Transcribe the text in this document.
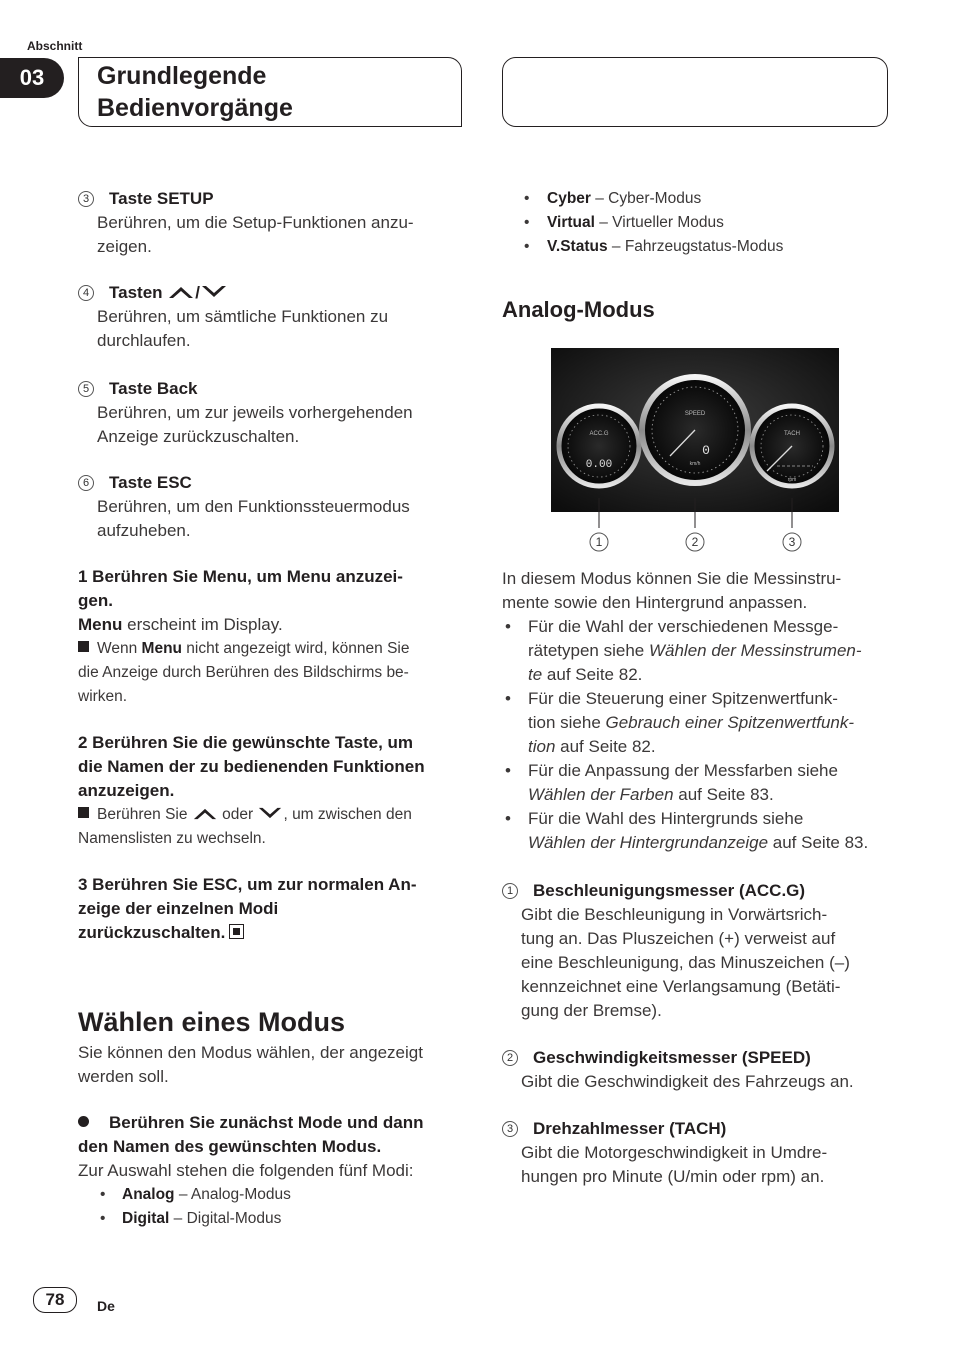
Abschnitt
03	Grundlegende
Bedienvorgänge
3 Taste SETUP
Berühren, um die Setup-Funktionen anzu-
zeigen.
4 Tasten /
Berühren, um sämtliche Funktionen zu
durchlaufen.
5 Taste Back
Berühren, um zur jeweils vorhergehenden
Anzeige zurückzuschalten.
6 Taste ESC
Berühren, um den Funktionssteuermodus
aufzuheben.
1 Berühren Sie Menu, um Menu anzuzei-
gen.
Menu erscheint im Display.
Wenn Menu nicht angezeigt wird, können Sie
die Anzeige durch Berühren des Bildschirms be-
wirken.
2 Berühren Sie die gewünschte Taste, um
die Namen der zu bedienenden Funktionen
anzuzeigen.
Berühren Sie oder , um zwischen den
Namenslisten zu wechseln.
3 Berühren Sie ESC, um zur normalen An-
zeige der einzelnen Modi
zurückzuschalten.
Wählen eines Modus
Sie können den Modus wählen, der angezeigt
werden soll.
Berühren Sie zunächst Mode und dann
den Namen des gewünschten Modus.
Zur Auswahl stehen die folgenden fünf Modi:
• Analog – Analog-Modus
• Digital – Digital-Modus
• Cyber – Cyber-Modus
• Virtual – Virtueller Modus
• V.Status – Fahrzeugstatus-Modus
Analog-Modus
ACC.G
0.00
TACH
rpm
SPEED
0
km/h
1	2	3
In diesem Modus können Sie die Messinstru-
mente sowie den Hintergrund anpassen.
• Für die Wahl der verschiedenen Messge-
rätetypen siehe Wählen der Messinstrumen-
te auf Seite 82.
• Für die Steuerung einer Spitzenwertfunk-
tion siehe Gebrauch einer Spitzenwertfunk-
tion auf Seite 82.
• Für die Anpassung der Messfarben siehe
Wählen der Farben auf Seite 83.
• Für die Wahl des Hintergrunds siehe
Wählen der Hintergrundanzeige auf Seite 83.
1 Beschleunigungsmesser (ACC.G)
Gibt die Beschleunigung in Vorwärtsrich-
tung an. Das Pluszeichen (+) verweist auf
eine Beschleunigung, das Minuszeichen (–)
kennzeichnet eine Verlangsamung (Betäti-
gung der Bremse).
2 Geschwindigkeitsmesser (SPEED)
Gibt die Geschwindigkeit des Fahrzeugs an.
3 Drehzahlmesser (TACH)
Gibt die Motorgeschwindigkeit in Umdre-
hungen pro Minute (U/min oder rpm) an.
78	De
